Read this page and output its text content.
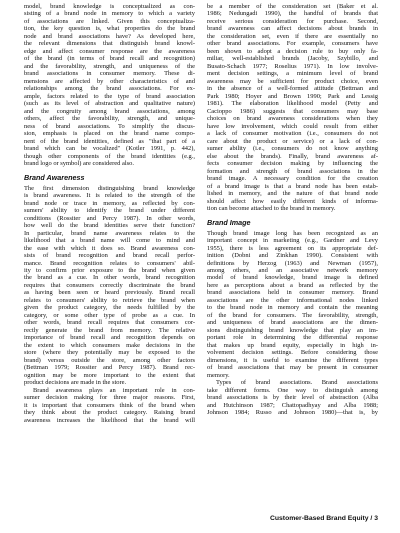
model, brand knowledge is conceptualized as con-
sisting of a brand node in memory to which a variety
of associations are linked. Given this conceptualiza-
tion, the key question is, what properties do the brand
node and brand associations have? As developed here,
the relevant dimensions that distinguish brand knowl-
edge and affect consumer response are the awareness
of the brand (in terms of brand recall and recognition)
and the favorability, strength, and uniqueness of the
brand associations in consumer memory. These di-
mensions are affected by other characteristics of and
relationships among the brand associations. For ex-
ample, factors related to the type of brand association
(such as its level of abstraction and qualitative nature)
and the congruity among brand associations, among
others, affect the favorability, strength, and unique-
ness of brand associations. To simplify the discus-
sion, emphasis is placed on the brand name compo-
nent of the brand identities, defined as "that part of a
brand which can be vocalized" (Kotler 1991, p. 442),
though other components of the brand identities (e.g.,
brand logo or symbol) are considered also.
Brand Awareness
The first dimension distinguishing brand knowledge
is brand awareness. It is related to the strength of the
brand node or trace in memory, as reflected by con-
sumers' ability to identify the brand under different
conditions (Rossiter and Percy 1987). In other words,
how well do the brand identities serve their function?
In particular, brand name awareness relates to the
likelihood that a brand name will come to mind and
the ease with which it does so. Brand awareness con-
sists of brand recognition and brand recall perfor-
mance. Brand recognition relates to consumers' abil-
ity to confirm prior exposure to the brand when given
the brand as a cue. In other words, brand recognition
requires that consumers correctly discriminate the brand
as having been seen or heard previously. Brand recall
relates to consumers' ability to retrieve the brand when
given the product category, the needs fulfilled by the
category, or some other type of probe as a cue. In
other words, brand recall requires that consumers cor-
rectly generate the brand from memory. The relative
importance of brand recall and recognition depends on
the extent to which consumers make decisions in the
store (where they potentially may be exposed to the
brand) versus outside the store, among other factors
(Bettman 1979; Rossiter and Percy 1987). Brand rec-
ognition may be more important to the extent that
product decisions are made in the store.
Brand awareness plays an important role in con-
sumer decision making for three major reasons. First,
it is important that consumers think of the brand when
they think about the product category. Raising brand
awareness increases the likelihood that the brand will
be a member of the consideration set (Baker et al.
1986; Nedungadi 1990), the handful of brands that
receive serious consideration for purchase. Second,
brand awareness can affect decisions about brands in
the consideration set, even if there are essentially no
other brand associations. For example, consumers have
been shown to adopt a decision rule to buy only fa-
miliar, well-established brands (Jacoby, Szybillo, and
Busato-Schach 1977; Roselius 1971). In low involve-
ment decision settings, a minimum level of brand
awareness may be sufficient for product choice, even
in the absence of a well-formed attitude (Bettman and
Park 1980; Hoyer and Brown 1990; Park and Lessig
1981). The elaboration likelihood model (Petty and
Cacioppo 1986) suggests that consumers may base
choices on brand awareness considerations when they
have low involvement, which could result from either
a lack of consumer motivation (i.e., consumers do not
care about the product or service) or a lack of con-
sumer ability (i.e., consumers do not know anything
else about the brands). Finally, brand awareness af-
fects consumer decision making by influencing the
formation and strength of brand associations in the
brand image. A necessary condition for the creation
of a brand image is that a brand node has been estab-
lished in memory, and the nature of that brand node
should affect how easily different kinds of informa-
tion can become attached to the brand in memory.
Brand Image
Though brand image long has been recognized as an
important concept in marketing (e.g., Gardner and Levy
1955), there is less agreement on its appropriate def-
inition (Dobni and Zinkhan 1990). Consistent with
definitions by Herzog (1963) and Newman (1957),
among others, and an associative network memory
model of brand knowledge, brand image is defined
here as perceptions about a brand as reflected by the
brand associations held in consumer memory. Brand
associations are the other informational nodes linked
to the brand node in memory and contain the meaning
of the brand for consumers. The favorability, strength,
and uniqueness of brand associations are the dimen-
sions distinguishing brand knowledge that play an im-
portant role in determining the differential response
that makes up brand equity, especially in high in-
volvement decision settings. Before considering those
dimensions, it is useful to examine the different types
of brand associations that may be present in consumer
memory.
Types of brand associations. Brand associations
take different forms. One way to distinguish among
brand associations is by their level of abstraction (Alba
and Hutchinson 1987; Chattopadhyay and Alba 1988;
Johnson 1984; Russo and Johnson 1980)—that is, by
Customer-Based Brand Equity / 3
